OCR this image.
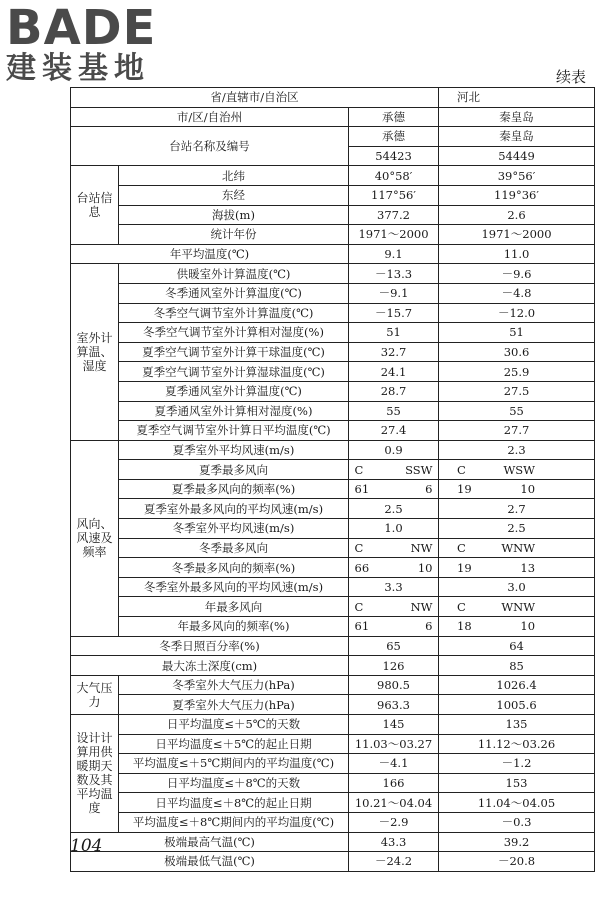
BADE
建装基地	续表
省/直辖市/自治区			河北
市/区/自治州		承德	秦皇岛
台站名称及编号		承德	秦皇岛
		54423	54449
台站信息	北纬	40°58′	39°56′
	东经	117°56′	119°36′
	海拔(m)	377.2	2.6
	统计年份	1971～2000	1971～2000
年平均温度(℃)		9.1	11.0
室外计算温、湿度	供暖室外计算温度(℃)	－13.3	－9.6
	冬季通风室外计算温度(℃)	－9.1	－4.8
	冬季空气调节室外计算温度(℃)	－15.7	－12.0
	冬季空气调节室外计算相对湿度(%)	51	51
	夏季空气调节室外计算干球温度(℃)	32.7	30.6
	夏季空气调节室外计算湿球温度(℃)	24.1	25.9
	夏季通风室外计算温度(℃)	28.7	27.5
	夏季通风室外计算相对湿度(%)	55	55
	夏季空气调节室外计算日平均温度(℃)	27.4	27.7
风向、风速及频率	夏季室外平均风速(m/s)	0.9	2.3
	夏季最多风向	C SSW	C WSW
	夏季最多风向的频率(%)	61 6	19 10
	夏季室外最多风向的平均风速(m/s)	2.5	2.7
	冬季室外平均风速(m/s)	1.0	2.5
	冬季最多风向	C NW	C WNW
	冬季最多风向的频率(%)	66 10	19 13
	冬季室外最多风向的平均风速(m/s)	3.3	3.0
	年最多风向	C NW	C WNW
	年最多风向的频率(%)	61 6	18 10
冬季日照百分率(%)		65	64
最大冻土深度(cm)		126	85
大气压力	冬季室外大气压力(hPa)	980.5	1026.4
	夏季室外大气压力(hPa)	963.3	1005.6
设计计算用供暖期天数及其平均温度	日平均温度≤＋5℃的天数	145	135
	日平均温度≤＋5℃的起止日期	11.03～03.27	11.12～03.26
	平均温度≤＋5℃期间内的平均温度(℃)	－4.1	－1.2
	日平均温度≤＋8℃的天数	166	153
	日平均温度≤＋8℃的起止日期	10.21～04.04	11.04～04.05
	平均温度≤＋8℃期间内的平均温度(℃)	－2.9	－0.3
极端最高气温(℃)		43.3	39.2
极端最低气温(℃)		－24.2	－20.8
104
